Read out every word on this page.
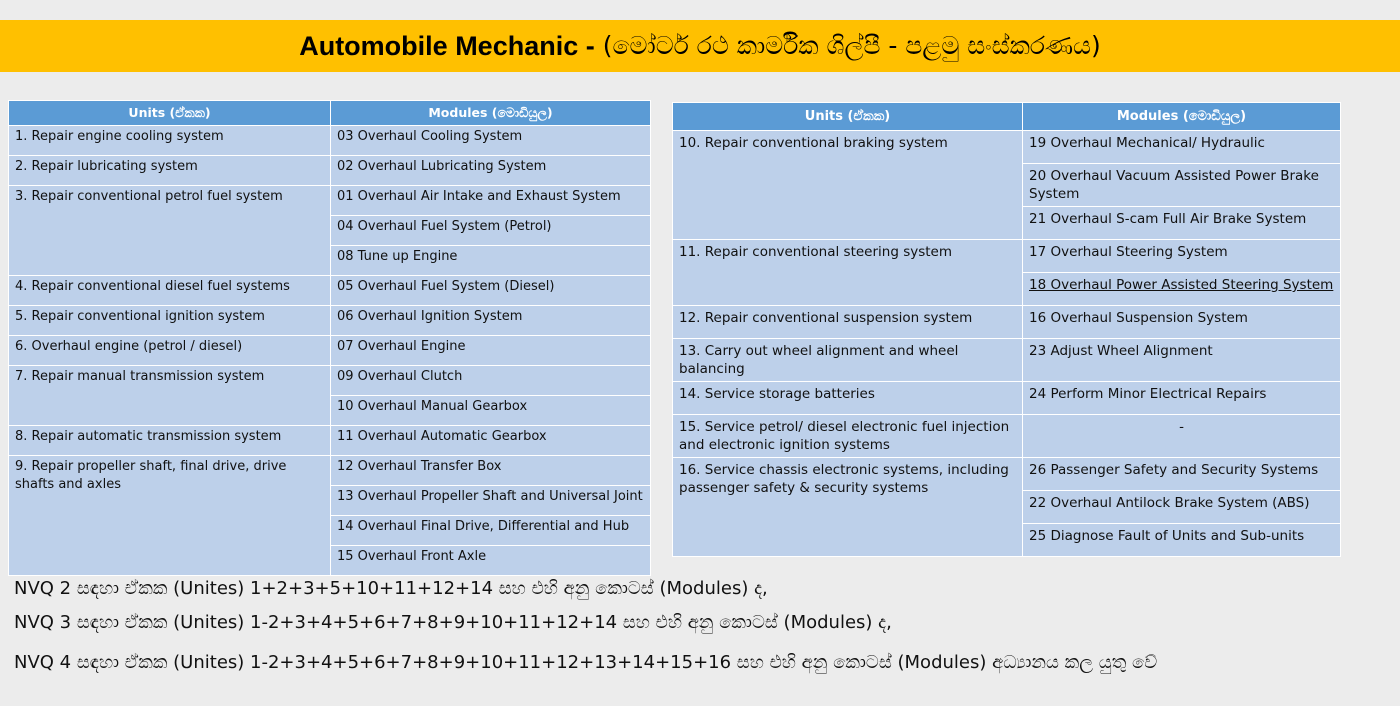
Automobile Mechanic - (මෝටර් රථ කාර්මික ශිල්පී - පළමු සංස්කරණය)
Units (ඒකක)	Modules (මොඩියුල)
1. Repair engine cooling system	03 Overhaul Cooling System
2. Repair lubricating system	02 Overhaul Lubricating System
3. Repair conventional petrol fuel system	01 Overhaul Air Intake and Exhaust System
	04 Overhaul Fuel System (Petrol)
	08 Tune up Engine
4. Repair conventional diesel fuel systems	05 Overhaul Fuel System (Diesel)
5. Repair conventional ignition system	06 Overhaul Ignition System
6. Overhaul engine (petrol / diesel)	07 Overhaul Engine
7. Repair manual transmission system	09 Overhaul Clutch
	10 Overhaul Manual Gearbox
8. Repair automatic transmission system	11 Overhaul Automatic Gearbox
9. Repair propeller shaft, final drive, drive shafts and axles	12 Overhaul Transfer Box
	13 Overhaul Propeller Shaft and Universal Joint
	14 Overhaul Final Drive, Differential and Hub
	15 Overhaul Front Axle
Units (ඒකක)	Modules (මොඩියුල)
10. Repair conventional braking system	19 Overhaul Mechanical/ Hydraulic
	20 Overhaul Vacuum Assisted Power Brake System
	21 Overhaul S-cam Full Air Brake System
11. Repair conventional steering system	17 Overhaul Steering System
	18 Overhaul Power Assisted Steering System
12. Repair conventional suspension system	16 Overhaul Suspension System
13. Carry out wheel alignment and wheel balancing	23 Adjust Wheel Alignment
14. Service storage batteries	24 Perform Minor Electrical Repairs
15. Service petrol/ diesel electronic fuel injection and electronic ignition systems	-
16. Service chassis electronic systems, including passenger safety & security systems	26 Passenger Safety and Security Systems
	22 Overhaul Antilock Brake System (ABS)
	25 Diagnose Fault of Units and Sub-units
NVQ 2 සඳහා ඒකක (Unites) 1+2+3+5+10+11+12+14 සහ එහි අනු කොටස් (Modules) ද,
NVQ 3 සඳහා ඒකක (Unites) 1-2+3+4+5+6+7+8+9+10+11+12+14 සහ එහි අනු කොටස් (Modules) ද,
NVQ 4 සඳහා ඒකක (Unites) 1-2+3+4+5+6+7+8+9+10+11+12+13+14+15+16 සහ එහි අනු කොටස් (Modules) අධ්‍යානය කල යුතු වේ
